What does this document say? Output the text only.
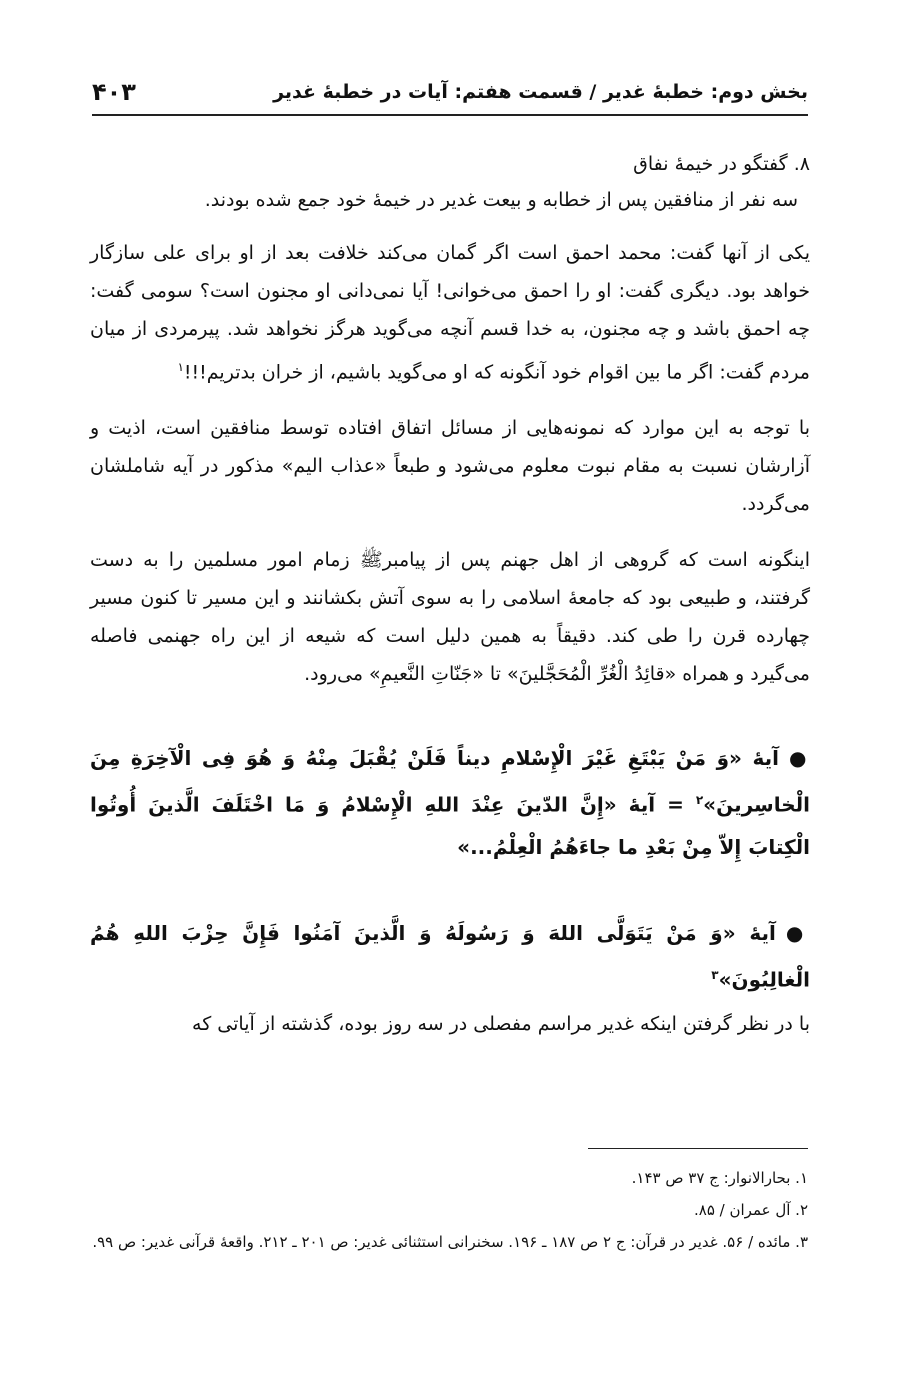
بخش دوم: خطبۀ غدیر / قسمت هفتم: آیات در خطبۀ غدیر
۴۰۳
۸. گفتگو در خیمۀ نفاق
سه نفر از منافقین پس از خطابه و بیعت غدیر در خیمۀ خود جمع شده بودند.

یکی از آنها گفت: محمد احمق است اگر گمان می‌کند خلافت بعد از او برای علی سازگار خواهد بود. دیگری گفت: او را احمق می‌خوانی! آیا نمی‌دانی او مجنون است؟ سومی گفت: چه احمق باشد و چه مجنون، به خدا قسم آنچه می‌گوید هرگز نخواهد شد. پیرمردی از میان مردم گفت: اگر ما بین اقوام خود آنگونه که او می‌گوید باشیم، از خران بدتریم!!!$^۱$

با توجه به این موارد که نمونه‌هایی از مسائل اتفاق افتاده توسط منافقین است، اذیت و آزارشان نسبت به مقام نبوت معلوم می‌شود و طبعاً «عذاب الیم» مذکور در آیه شاملشان می‌گردد.

اینگونه است که گروهی از اهل جهنم پس از پیامبرﷺ زمام امور مسلمین را به دست گرفتند، و طبیعی بود که جامعۀ اسلامی را به سوی آتش بکشانند و این مسیر تا کنون مسیر چهارده قرن را طی کند. دقیقاً به همین دلیل است که شیعه از این راه جهنمی فاصله می‌گیرد و همراه «قائِدُ الْغُرِّ الْمُحَجَّلینَ» تا «جَنّاتِ النَّعیمِ» می‌رود.

●آیۀ «وَ مَنْ یَبْتَغِ غَیْرَ الْإِسْلامِ دیناً فَلَنْ یُقْبَلَ مِنْهُ وَ هُوَ فِی الْآخِرَةِ مِنَ الْخاسِرینَ»$^۲$ = آیۀ «إِنَّ الدّینَ عِنْدَ اللهِ الْإِسْلامُ وَ مَا اخْتَلَفَ الَّذینَ أُوتُوا الْکِتابَ إِلاّ مِنْ بَعْدِ ما جاءَهُمُ الْعِلْمُ...»

●آیۀ «وَ مَنْ یَتَوَلَّی اللهَ وَ رَسُولَهُ وَ الَّذینَ آمَنُوا فَإِنَّ حِزْبَ اللهِ هُمُ الْغالِبُونَ»$^۳$

با در نظر گرفتن اینکه غدیر مراسم مفصلی در سه روز بوده، گذشته از آیاتی که

۱. بحارالانوار: ج ۳۷ ص ۱۴۳.

۲. آل عمران / ۸۵.

۳. مائده / ۵۶. غدیر در قرآن: ج ۲ ص ۱۸۷ ـ ۱۹۶. سخنرانی استثنائی غدیر: ص ۲۰۱ ـ ۲۱۲. واقعۀ قرآنی غدیر: ص ۹۹.
